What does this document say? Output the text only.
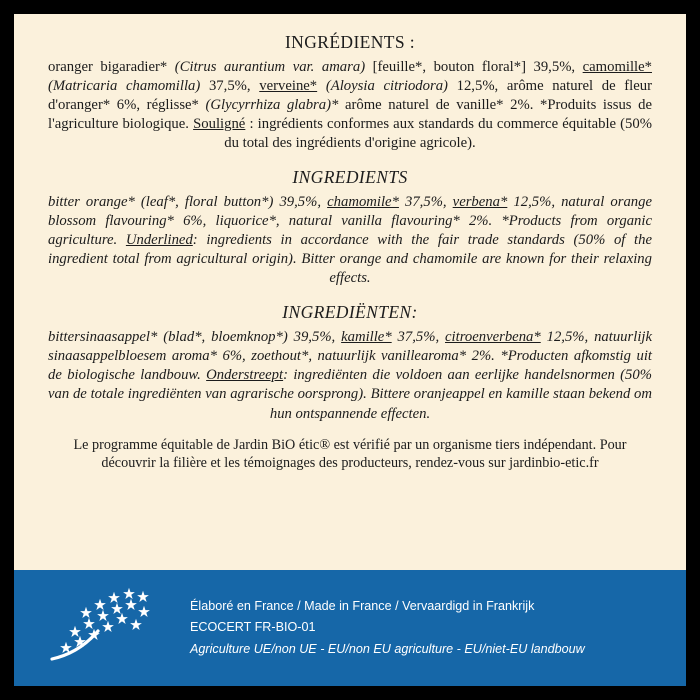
INGRÉDIENTS :
oranger bigaradier* (Citrus aurantium var. amara) [feuille*, bouton floral*] 39,5%, camomille* (Matricaria chamomilla) 37,5%, verveine* (Aloysia citriodora) 12,5%, arôme naturel de fleur d'oranger* 6%, réglisse* (Glycyrrhiza glabra)* arôme naturel de vanille* 2%. *Produits issus de l'agriculture biologique. Souligné : ingrédients conformes aux standards du commerce équitable (50% du total des ingrédients d'origine agricole).
INGREDIENTS
bitter orange* (leaf*, floral button*) 39,5%, chamomile* 37,5%, verbena* 12,5%, natural orange blossom flavouring* 6%, liquorice*, natural vanilla flavouring* 2%. *Products from organic agriculture. Underlined: ingredients in accordance with the fair trade standards (50% of the ingredient total from agricultural origin). Bitter orange and chamomile are known for their relaxing effects.
INGREDIËNTEN:
bittersinaasappel* (blad*, bloemknop*) 39,5%, kamille* 37,5%, citroenverbena* 12,5%, natuurlijk sinaasappelbloesem aroma* 6%, zoethout*, natuurlijk vanillearoma* 2%. *Producten afkomstig uit de biologische landbouw. Onderstreept: ingrediënten die voldoen aan eerlijke handelsnormen (50% van de totale ingrediënten van agrarische oorsprong). Bittere oranjeappel en kamille staan bekend om hun ontspannende effecten.
Le programme équitable de Jardin BiO étic® est vérifié par un organisme tiers indépendant. Pour découvrir la filière et les témoignages des producteurs, rendez-vous sur jardinbio-etic.fr
Élaboré en France / Made in France / Vervaardigd in Frankrijk
ECOCERT FR-BIO-01
Agriculture UE/non UE - EU/non EU agriculture - EU/niet-EU landbouw
